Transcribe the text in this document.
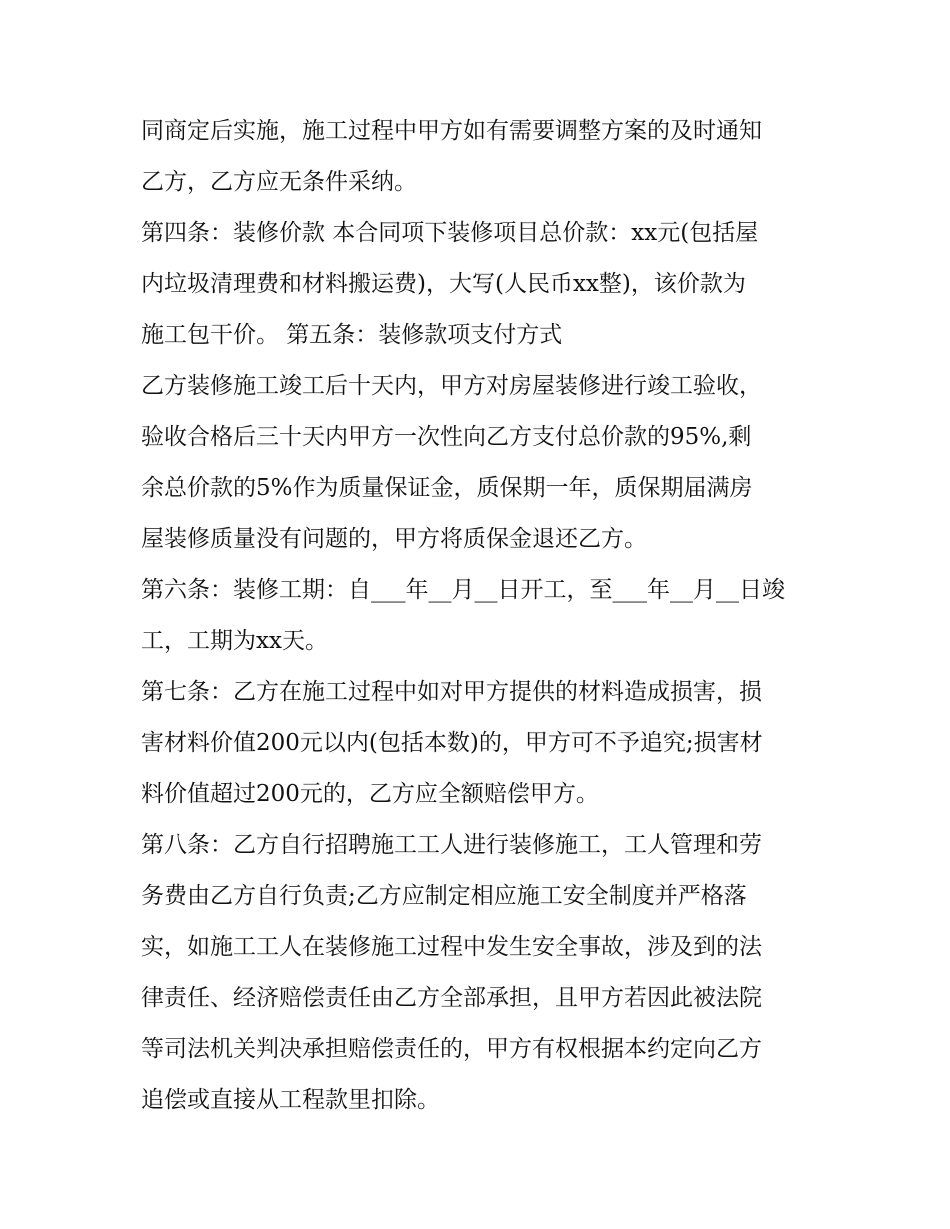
同商定后实施，施工过程中甲方如有需要调整方案的及时通知
乙方，乙方应无条件采纳。
第四条：装修价款 本合同项下装修项目总价款：xx元(包括屋
内垃圾清理费和材料搬运费)，大写(人民币xx整)，该价款为
施工包干价。 第五条：装修款项支付方式
乙方装修施工竣工后十天内，甲方对房屋装修进行竣工验收，
验收合格后三十天内甲方一次性向乙方支付总价款的95%,剩
余总价款的5%作为质量保证金，质保期一年，质保期届满房
屋装修质量没有问题的，甲方将质保金退还乙方。
第六条：装修工期：自___年__月__日开工，至___年__月__日竣
工，工期为xx天。
第七条：乙方在施工过程中如对甲方提供的材料造成损害，损
害材料价值200元以内(包括本数)的，甲方可不予追究;损害材
料价值超过200元的，乙方应全额赔偿甲方。
第八条：乙方自行招聘施工工人进行装修施工，工人管理和劳
务费由乙方自行负责;乙方应制定相应施工安全制度并严格落
实，如施工工人在装修施工过程中发生安全事故，涉及到的法
律责任、经济赔偿责任由乙方全部承担，且甲方若因此被法院
等司法机关判决承担赔偿责任的，甲方有权根据本约定向乙方
追偿或直接从工程款里扣除。
